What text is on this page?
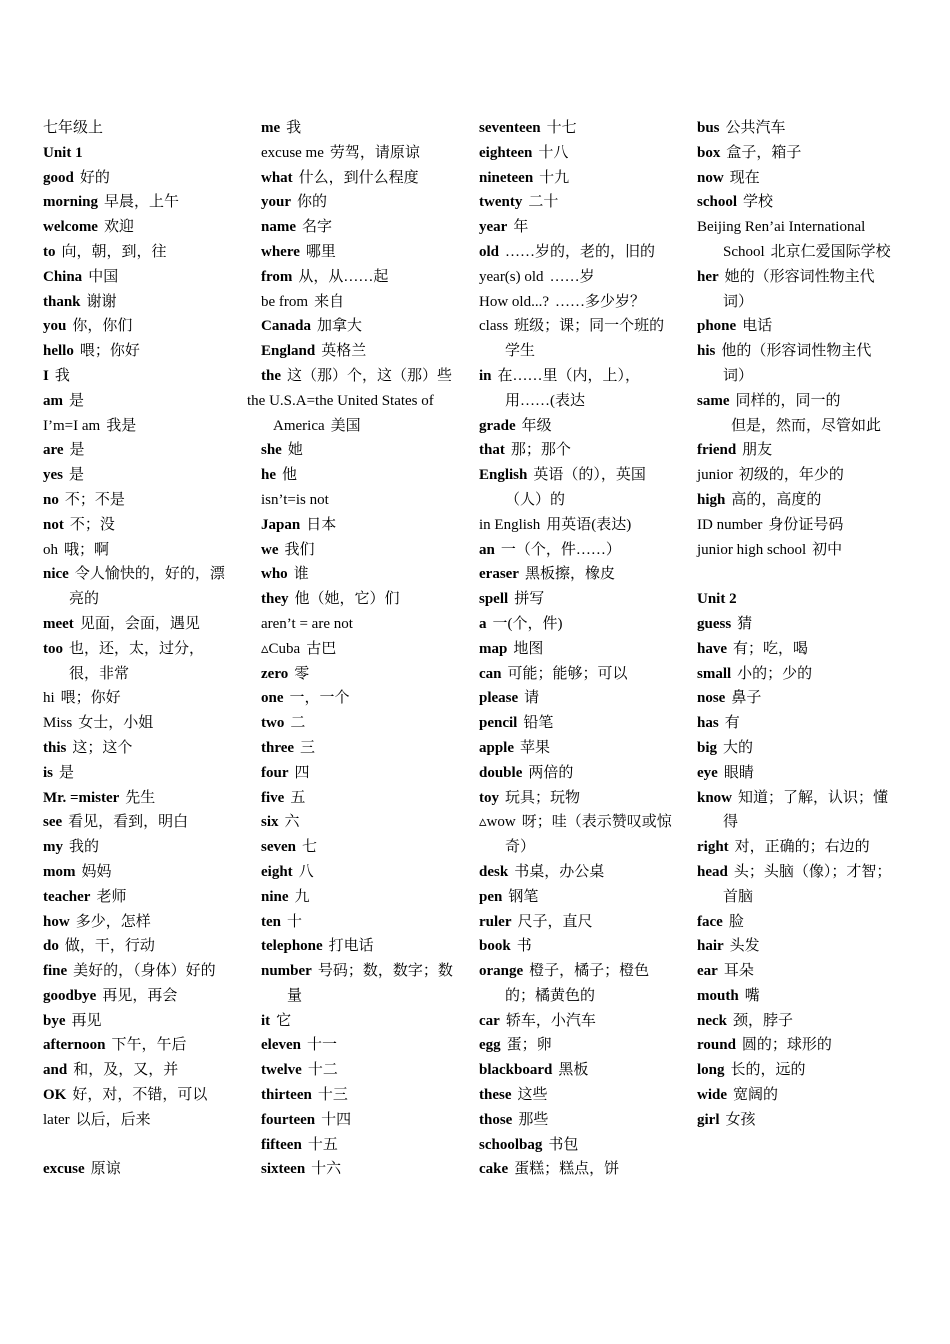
七年级上

Unit 1

good 好的

morning 早晨，上午

welcome 欢迎

to 向，朝，到，往

China 中国

thank 谢谢

you 你，你们

hello 喂；你好

I 我

am 是

I’m=I am 我是

are 是

yes 是

no 不；不是

not 不；没

oh 哦；啊

nice 令人愉快的，好的，漂亮的

meet 见面，会面，遇见

too 也，还，太，过分，很，非常

hi 喂；你好

Miss 女士，小姐

this 这；这个

is 是

Mr. =mister 先生

see 看见，看到，明白

my 我的

mom 妈妈

teacher 老师

how 多少，怎样

do 做，干，行动

fine 美好的，（身体）好的

goodbye 再见，再会

bye 再见

afternoon 下午，午后

and 和，及，又，并

OK 好，对，不错，可以

later 以后，后来

excuse 原谅

me 我

excuse me 劳驾，请原谅

what 什么，到什么程度

your 你的

name 名字

where 哪里

from 从，从……起

be from 来自

Canada 加拿大

England 英格兰

the 这（那）个，这（那）些

the U.S.A=the United States of America 美国

she 她

he 他

isn’t=is not

Japan 日本

we 我们

who 谁

they 他（她，它）们

aren’t = are not

▵Cuba 古巴

zero 零

one 一，一个

two 二

three 三

four 四

five 五

six 六

seven 七

eight 八

nine 九

ten 十

telephone 打电话

number 号码；数，数字；数量

it 它

eleven 十一

twelve 十二

thirteen 十三

fourteen 十四

fifteen 十五

sixteen 十六

seventeen 十七

eighteen 十八

nineteen 十九

twenty 二十

year 年

old ……岁的，老的，旧的

year(s) old ……岁

How old...? ……多少岁？

class 班级；课；同一个班的学生

in 在……里（内，上），用……(表达

grade 年级

that 那；那个

English 英语（的），英国（人）的

in English 用英语(表达)

an 一（个，件……）

eraser 黑板擦，橡皮

spell 拼写

a 一(个，件)

map 地图

can 可能；能够；可以

please 请

pencil 铅笔

apple 苹果

double 两倍的

toy 玩具；玩物

▵wow 呀；哇（表示赞叹或惊奇）

desk 书桌，办公桌

pen 钢笔

ruler 尺子，直尺

book 书

orange 橙子，橘子；橙色的；橘黄色的

car 轿车，小汽车

egg 蛋；卵

blackboard 黑板

these 这些

those 那些

schoolbag 书包

cake 蛋糕；糕点，饼

bus 公共汽车

box 盒子，箱子

now 现在

school 学校

Beijing Ren’ai International School 北京仁爱国际学校

her 她的（形容词性物主代词）

phone 电话

his 他的（形容词性物主代词）

same 同样的，同一的

但是，然而，尽管如此

friend 朋友

junior 初级的，年少的

high 高的，高度的

ID number 身份证号码

junior high school 初中

Unit 2

guess 猜

have 有；吃，喝

small 小的；少的

nose 鼻子

has 有

big 大的

eye 眼睛

know 知道；了解，认识；懂得

right 对，正确的；右边的

head 头；头脑（像）；才智；首脑

face 脸

hair 头发

ear 耳朵

mouth 嘴

neck 颈，脖子

round 圆的；球形的

long 长的，远的

wide 宽阔的

girl 女孩
